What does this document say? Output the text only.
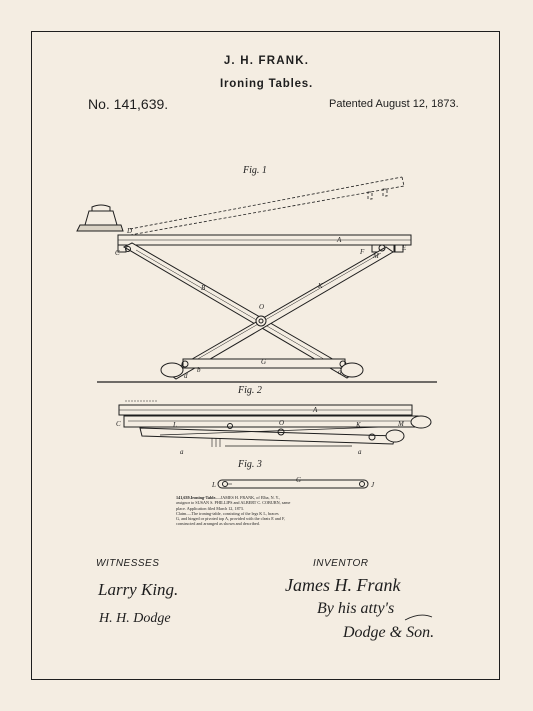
J. H. FRANK.
Ironing Tables.
No. 141,639.	Patented August 12, 1873.
Fig. 1
Fig. 2
Fig. 3
D
A
C	F M
E
B	K
O
G
a
b
d
A
C	L	O	K	M
a	a
L
G
J
141,639.Ironing-Table.—JAMES H. FRANK, of Elba, N. Y.,
assignor to SUSAN S. PHILLIPS and ALBERT C. COBURN, same
place. Application filed March 12, 1873.
Claim.—The ironing-table, consisting of the legs K L, braces
G, and hinged or pivoted top A, provided with the cleats E and F,
constructed and arranged as shown and described.
WITNESSES
Larry King.
H. H. Dodge
INVENTOR
James H. Frank
By his atty's
Dodge & Son.
